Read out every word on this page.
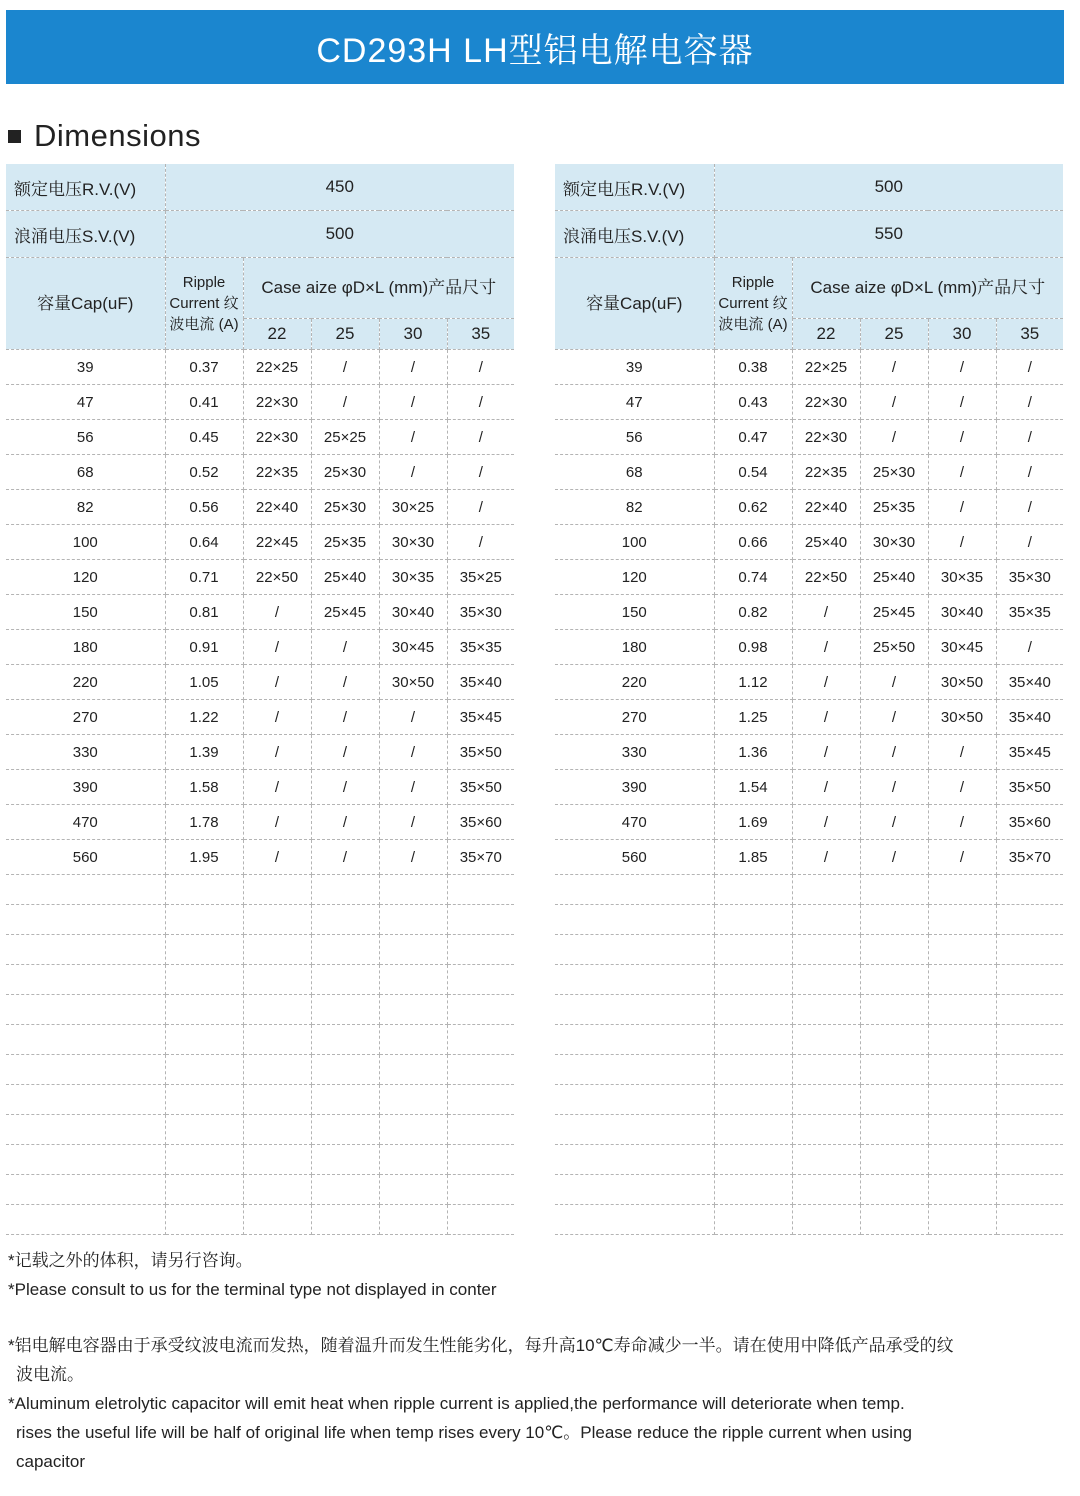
CD293H LH型铝电解电容器
Dimensions
额定电压R.V.(V)	450				
浪涌电压S.V.(V)	500				
容量Cap(uF)	Ripple Current 纹波电流 (A)	Case aize φD×L (mm)产品尺寸			
		22	25	30	35
39	0.37	22×25	/	/	/
47	0.41	22×30	/	/	/
56	0.45	22×30	25×25	/	/
68	0.52	22×35	25×30	/	/
82	0.56	22×40	25×30	30×25	/
100	0.64	22×45	25×35	30×30	/
120	0.71	22×50	25×40	30×35	35×25
150	0.81	/	25×45	30×40	35×30
180	0.91	/	/	30×45	35×35
220	1.05	/	/	30×50	35×40
270	1.22	/	/	/	35×45
330	1.39	/	/	/	35×50
390	1.58	/	/	/	35×50
470	1.78	/	/	/	35×60
560	1.95	/	/	/	35×70

额定电压R.V.(V)	500				
浪涌电压S.V.(V)	550				
容量Cap(uF)	Ripple Current 纹波电流 (A)	Case aize φD×L (mm)产品尺寸			
		22	25	30	35
39	0.38	22×25	/	/	/
47	0.43	22×30	/	/	/
56	0.47	22×30	/	/	/
68	0.54	22×35	25×30	/	/
82	0.62	22×40	25×35	/	/
100	0.66	25×40	30×30	/	/
120	0.74	22×50	25×40	30×35	35×30
150	0.82	/	25×45	30×40	35×35
180	0.98	/	25×50	30×45	/
220	1.12	/	/	30×50	35×40
270	1.25	/	/	30×50	35×40
330	1.36	/	/	/	35×45
390	1.54	/	/	/	35×50
470	1.69	/	/	/	35×60
560	1.85	/	/	/	35×70

*记载之外的体积，请另行咨询。

*Please consult to us for the terminal type not displayed in conter

*铝电解电容器由于承受纹波电流而发热，随着温升而发生性能劣化，每升高10℃寿命减少一半。请在使用中降低产品承受的纹

波电流。

*Aluminum eletrolytic capacitor will emit heat when ripple current is applied,the performance will deteriorate when temp.

rises the useful life will be half of original life when temp rises every 10℃。Please reduce the ripple current when using

capacitor
